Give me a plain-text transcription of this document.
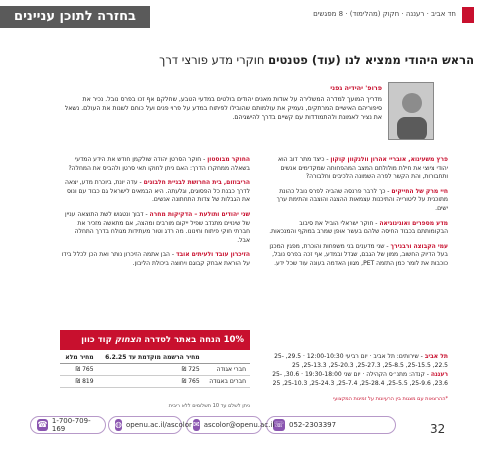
בחזרה לתוכן עניינים	חד אביב · רעננה · חקוק (מהלימוד) · 8 מפגשים
הראש היהודי ממציא לנו (עוד) פטנטים חוקרי מדע פורצי דרך
פרופ' יהידיה גפני
מדריך המועך למדרה המשלירה על אודות מאנים יהודים בולטים במדעי הטבע, שחלקם אף זכו בפרס נובל. נכיר את סיפוריהם האישיים המרתקים, נעמיק את עולמותם שהובילו לפיתוח במדע על פרוי פנים ועל כוחם לשנות את העולם. נשאל את נציר לאמונת ולהתמודדות עם קשיים בדרך להישגיהם.
פרץ משעינוא, אובריי אהרון וולנקוון קוקון - כיצד מתר דוב הוא יהודי ציוצי את חילת מולולתם המצב המהפחותה שמקדימים אנשים ותחבורות, והת הקשר לפרה השמונה הלכיבים וחלבורה?
חיי מרק של החייקים - כך לרבר פרנסה שהביה לפרס נובל כהונת מתוכנית על ליטורייה והתיכנות עצמאות ההצגה והוצבה והתימת ערך ישים.
מדע מספרים ואוגינוגיאה - חוקר ישראלי הוביל את סיבוב הבקומותתם בכבוד החיסה שלהם בעשר אופן שמרב במוקף והמנכאות.
עמי הקבוצה ורבנירך - שני מדענים בני משפחות והוכרת, מפגין המכנן בעל הדיוק החשוב, ממון של הגבם, שגדל ובמדע, אף זכה בפרס נובל, כוכבות את לומר כמן התזמה PET, מגוון האדמה בעונה עוד שכל ידע.
החוקר מבוסטון - חוקר הסרטן יהודה שולקמן חודש את הידע המדעי בשאלה ממחקרו הדרך: האם ניתן לחוקו תאי סרטן ולהביס את המחלה?
הריבוזום, בית החרושת לבניית חלבונים - עדה יונת, ביוכרת מדע, יצאה לדרך כבנת כל הפסוגים, וגלעתה. היא הבמאים לישראל גם כבוד עם ונוס את הגבלות של צדות התחתונה אנשים.
שני יהודים ותולעת – הדקיקות מחרה - דבוך ונטגוש לשת התוצאה עניין של שינויים מתנדב שפיל ייקום מורבים ומהצה, אם מתאשה מזכיר את חברתי חוקי פיתוח וחינונו. מה רדג וטור מעתידות מגולח בדרך התחלה אבל.
הזיכרון עובד ולעיתים אובד - הבן אתמה הזיכרון נותר ואת הכן לכלל בידו על הוראת אבחק קבוגם ויחוצה ביכולת הליבון.
10% הנחה באתר לסדרה הצחוק קוד כוון
	מחיר הרשמה מוקדמת עד 6.2.25	מחיר מלא
חברי אגודה	725 ₪	765 ₪
חברים באגודה	765 ₪	819 ₪
ניתן לשלם עד 10 תשלומים ללא ריבית
תל אביב - שירותים: תל אביב · יום רביעי 12:00-10:30 · 29.5, 25-22.5, 25-15.5, 25-8.5, 25-27.3, 25-20.3, 25-13.3, 25
רעננה - קנדה: מתנ״ס הקהילה · יום שני 19:30-18:00 · 30.6, 25-23.6, 25-9.6, 25-5.5, 25-28.4, 25-7.4, 25-24.3, 25-10.3, 25
*ההרצאות עם מצגות בין הרעיונות על זמינות המקצועי
32
☏ 052-2303397
✉ ascolor@openu.ac.il
◍ openu.ac.il/ascolor
☎ 1-700-709-169
